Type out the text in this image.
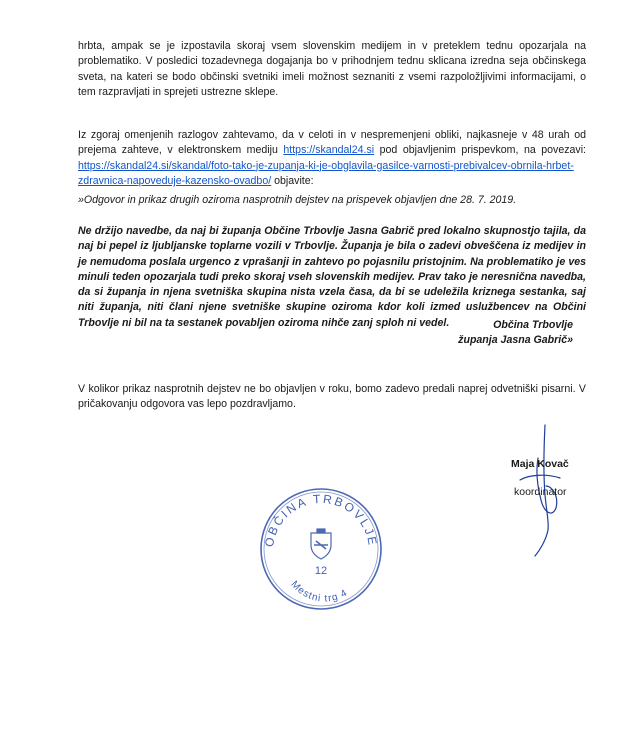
hrbta, ampak se je izpostavila skoraj vsem slovenskim medijem in v preteklem tednu opozarjala na problematiko. V posledici tozadevnega dogajanja bo v prihodnjem tednu sklicana izredna seja občinskega sveta, na kateri se bodo občinski svetniki imeli možnost seznaniti z vsemi razpoložljivimi informacijami, o tem razpravljati in sprejeti ustrezne sklepe.

Iz zgoraj omenjenih razlogov zahtevamo, da v celoti in v nespremenjeni obliki, najkasneje v 48 urah od prejema zahteve, v elektronskem mediju https://skandal24.si pod objavljenim prispevkom, na povezavi: https://skandal24.si/skandal/foto-tako-je-zupanja-ki-je-obglavila-gasilce-varnosti-prebivalcev-obrnila-hrbet-zdravnica-napoveduje-kazensko-ovadbo/ objavite:

»Odgovor in prikaz drugih oziroma nasprotnih dejstev na prispevek objavljen dne 28. 7. 2019.

Ne držijo navedbe, da naj bi županja Občine Trbovlje Jasna Gabrič pred lokalno skupnostjo tajila, da naj bi pepel iz ljubljanske toplarne vozili v Trbovlje. Županja je bila o zadevi obveščena iz medijev in je nemudoma poslala urgenco z vprašanji in zahtevo po pojasnilu pristojnim. Na problematiko je ves minuli teden opozarjala tudi preko skoraj vseh slovenskih medijev. Prav tako je neresnična navedba, da si županja in njena svetniška skupina nista vzela časa, da bi se udeležila kriznega sestanka, saj niti županja, niti člani njene svetniške skupine oziroma kdor koli izmed uslužbencev na Občini Trbovlje ni bil na ta sestanek povabljen oziroma nihče zanj sploh ni vedel.	Občina Trbovlje

županja Jasna Gabrič»

V kolikor prikaz nasprotnih dejstev ne bo objavljen v roku, bomo zadevo predali naprej odvetniški pisarni. V pričakovanju odgovora vas lepo pozdravljamo.

Maja Kovač
koordinator
OBČINA TRBOVLJE
12
Mestni trg 4
